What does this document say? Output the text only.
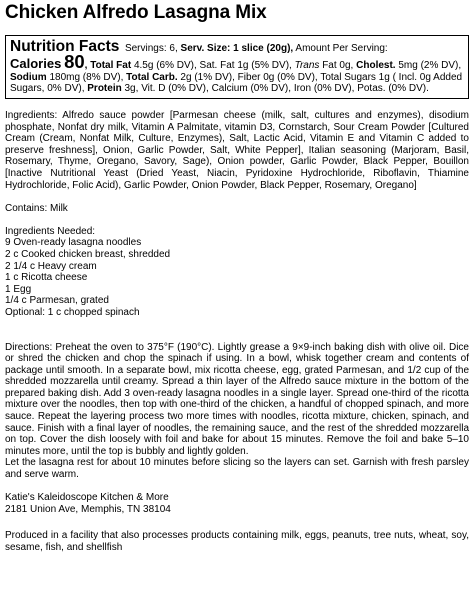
Chicken Alfredo Lasagna Mix
Nutrition Facts Servings: 6, Serv. Size: 1 slice (20g), Amount Per Serving:
Calories 80, Total Fat 4.5g (6% DV), Sat. Fat 1g (5% DV), Trans Fat 0g, Cholest. 5mg (2% DV), Sodium 180mg (8% DV), Total Carb. 2g (1% DV), Fiber 0g (0% DV), Total Sugars 1g ( Incl. 0g Added Sugars, 0% DV), Protein 3g, Vit. D (0% DV), Calcium (0% DV), Iron (0% DV), Potas. (0% DV).

Ingredients: Alfredo sauce powder [Parmesan cheese (milk, salt, cultures and enzymes), disodium phosphate, Nonfat dry milk, Vitamin A Palmitate, vitamin D3, Cornstarch, Sour Cream Powder [Cultured Cream (Cream, Nonfat Milk, Culture, Enzymes), Salt, Lactic Acid, Vitamin E and Vitamin C added to preserve freshness], Onion, Garlic Powder, Salt, White Pepper], Italian seasoning (Marjoram, Basil, Rosemary, Thyme, Oregano, Savory, Sage), Onion powder, Garlic Powder, Black Pepper, Bouillon [Inactive Nutritional Yeast (Dried Yeast, Niacin, Pyridoxine Hydrochloride, Riboflavin, Thiamine Hydrochloride, Folic Acid), Garlic Powder, Onion Powder, Black Pepper, Rosemary, Oregano]

Contains: Milk

Ingredients Needed:
9 Oven-ready lasagna noodles
2 c Cooked chicken breast, shredded
2 1/4 c Heavy cream
1 c Ricotta cheese
1 Egg
1/4 c Parmesan, grated
Optional: 1 c chopped spinach

Directions: Preheat the oven to 375°F (190°C). Lightly grease a 9×9-inch baking dish with olive oil. Dice or shred the chicken and chop the spinach if using. In a bowl, whisk together cream and contents of package until smooth. In a separate bowl, mix ricotta cheese, egg, grated Parmesan, and 1/2 cup of the shredded mozzarella until creamy. Spread a thin layer of the Alfredo sauce mixture in the bottom of the prepared baking dish. Add 3 oven-ready lasagna noodles in a single layer. Spread one-third of the ricotta mixture over the noodles, then top with one-third of the chicken, a handful of chopped spinach, and more sauce. Repeat the layering process two more times with noodles, ricotta mixture, chicken, spinach, and sauce. Finish with a final layer of noodles, the remaining sauce, and the rest of the shredded mozzarella on top. Cover the dish loosely with foil and bake for about 15 minutes. Remove the foil and bake 5–10 minutes more, until the top is bubbly and lightly golden.

Let the lasagna rest for about 10 minutes before slicing so the layers can set. Garnish with fresh parsley and serve warm.

Katie's Kaleidoscope Kitchen & More
2181 Union Ave, Memphis, TN 38104

Produced in a facility that also processes products containing milk, eggs, peanuts, tree nuts, wheat, soy, sesame, fish, and shellfish
